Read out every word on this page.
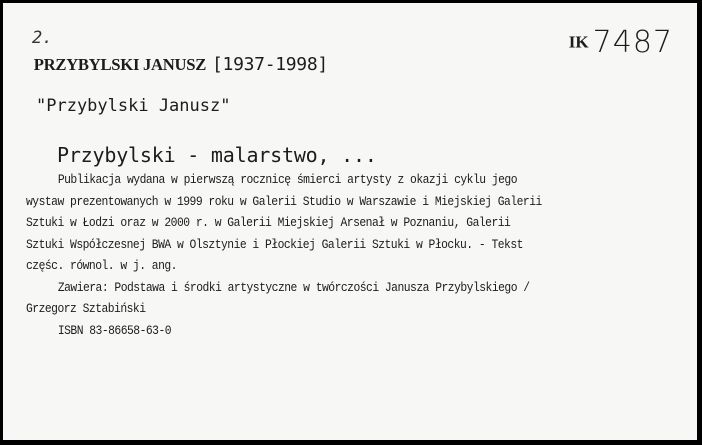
2.
PRZYBYLSKI JANUSZ [1937-1998]
IK 7487
"Przybylski Janusz"
Przybylski - malarstwo, ...
Publikacja wydana w pierwszą rocznicę śmierci artysty z okazji cyklu jego
wystaw prezentowanych w 1999 roku w Galerii Studio w Warszawie i Miejskiej Galerii
Sztuki w Łodzi oraz w 2000 r. w Galerii Miejskiej Arsenał w Poznaniu, Galerii
Sztuki Współczesnej BWA w Olsztynie i Płockiej Galerii Sztuki w Płocku. - Tekst
częśc. równol. w j. ang.
Zawiera: Podstawa i środki artystyczne w twórczości Janusza Przybylskiego /
Grzegorz Sztabiński
ISBN 83-86658-63-0
